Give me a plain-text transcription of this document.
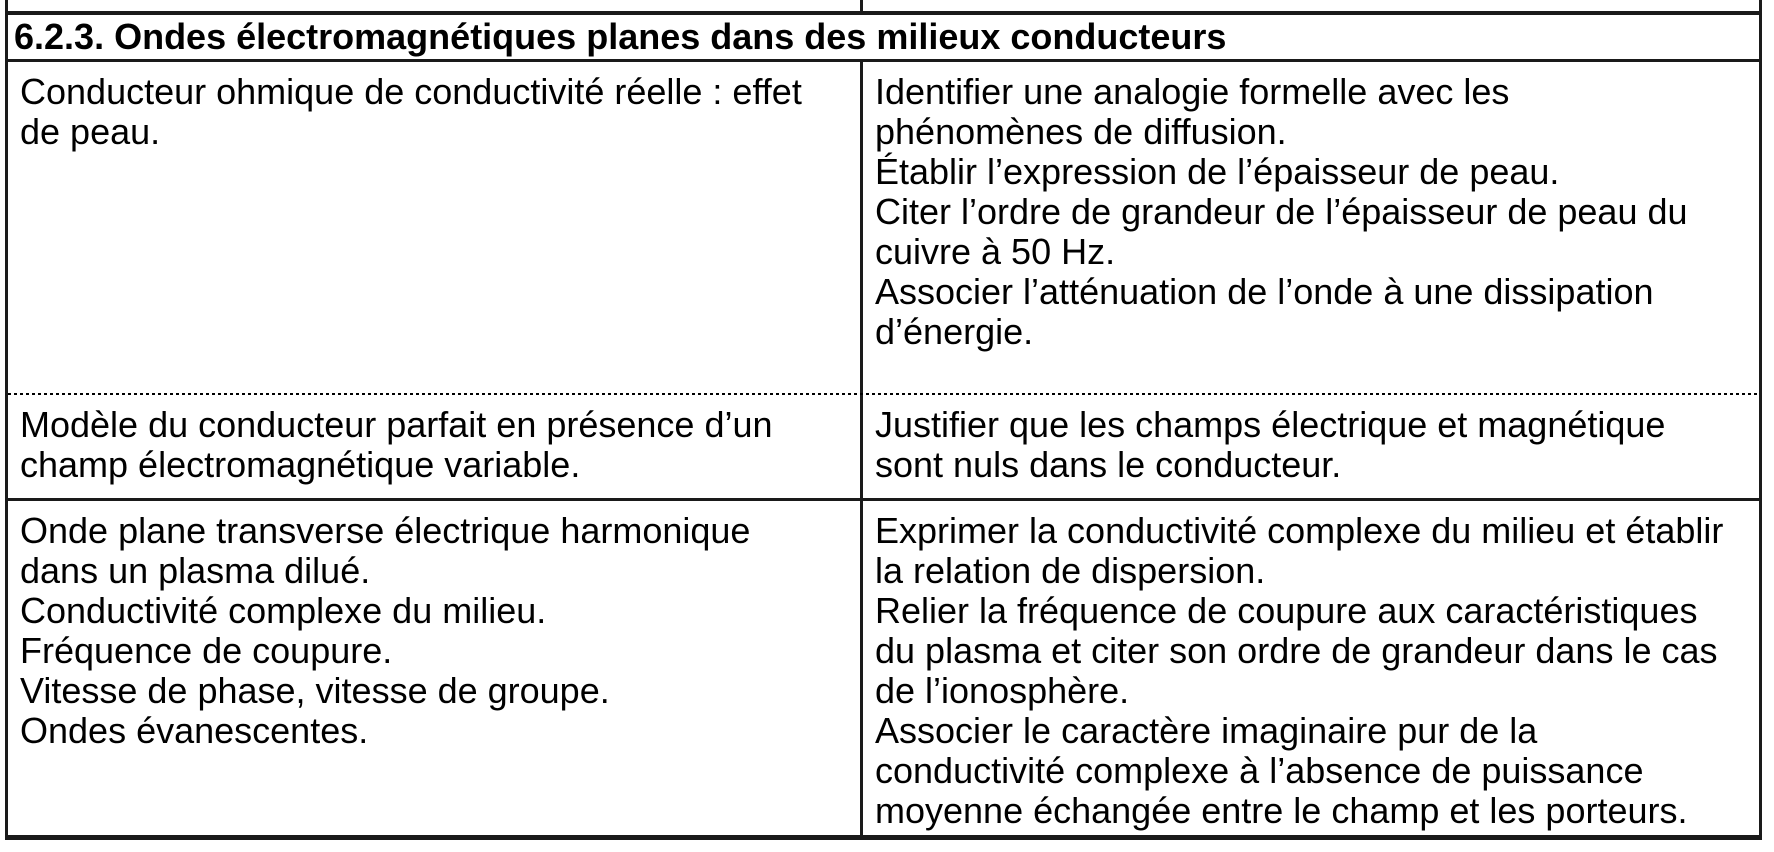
6.2.3. Ondes électromagnétiques planes dans des milieux conducteurs

Conducteur ohmique de conductivité réelle : effet de peau.

Identifier une analogie formelle avec les phénomènes de diffusion.

Établir l’expression de l’épaisseur de peau.

Citer l’ordre de grandeur de l’épaisseur de peau du cuivre à 50 Hz.

Associer l’atténuation de l’onde à une dissipation d’énergie.

Modèle du conducteur parfait en présence d’un champ électromagnétique variable.

Justifier que les champs électrique et magnétique sont nuls dans le conducteur.

Onde plane transverse électrique harmonique dans un plasma dilué.

Conductivité complexe du milieu.

Fréquence de coupure.

Vitesse de phase, vitesse de groupe.

Ondes évanescentes.

Exprimer la conductivité complexe du milieu et établir la relation de dispersion.

Relier la fréquence de coupure aux caractéristiques du plasma et citer son ordre de grandeur dans le cas de l’ionosphère.

Associer le caractère imaginaire pur de la conductivité complexe à l’absence de puissance moyenne échangée entre le champ et les porteurs.
